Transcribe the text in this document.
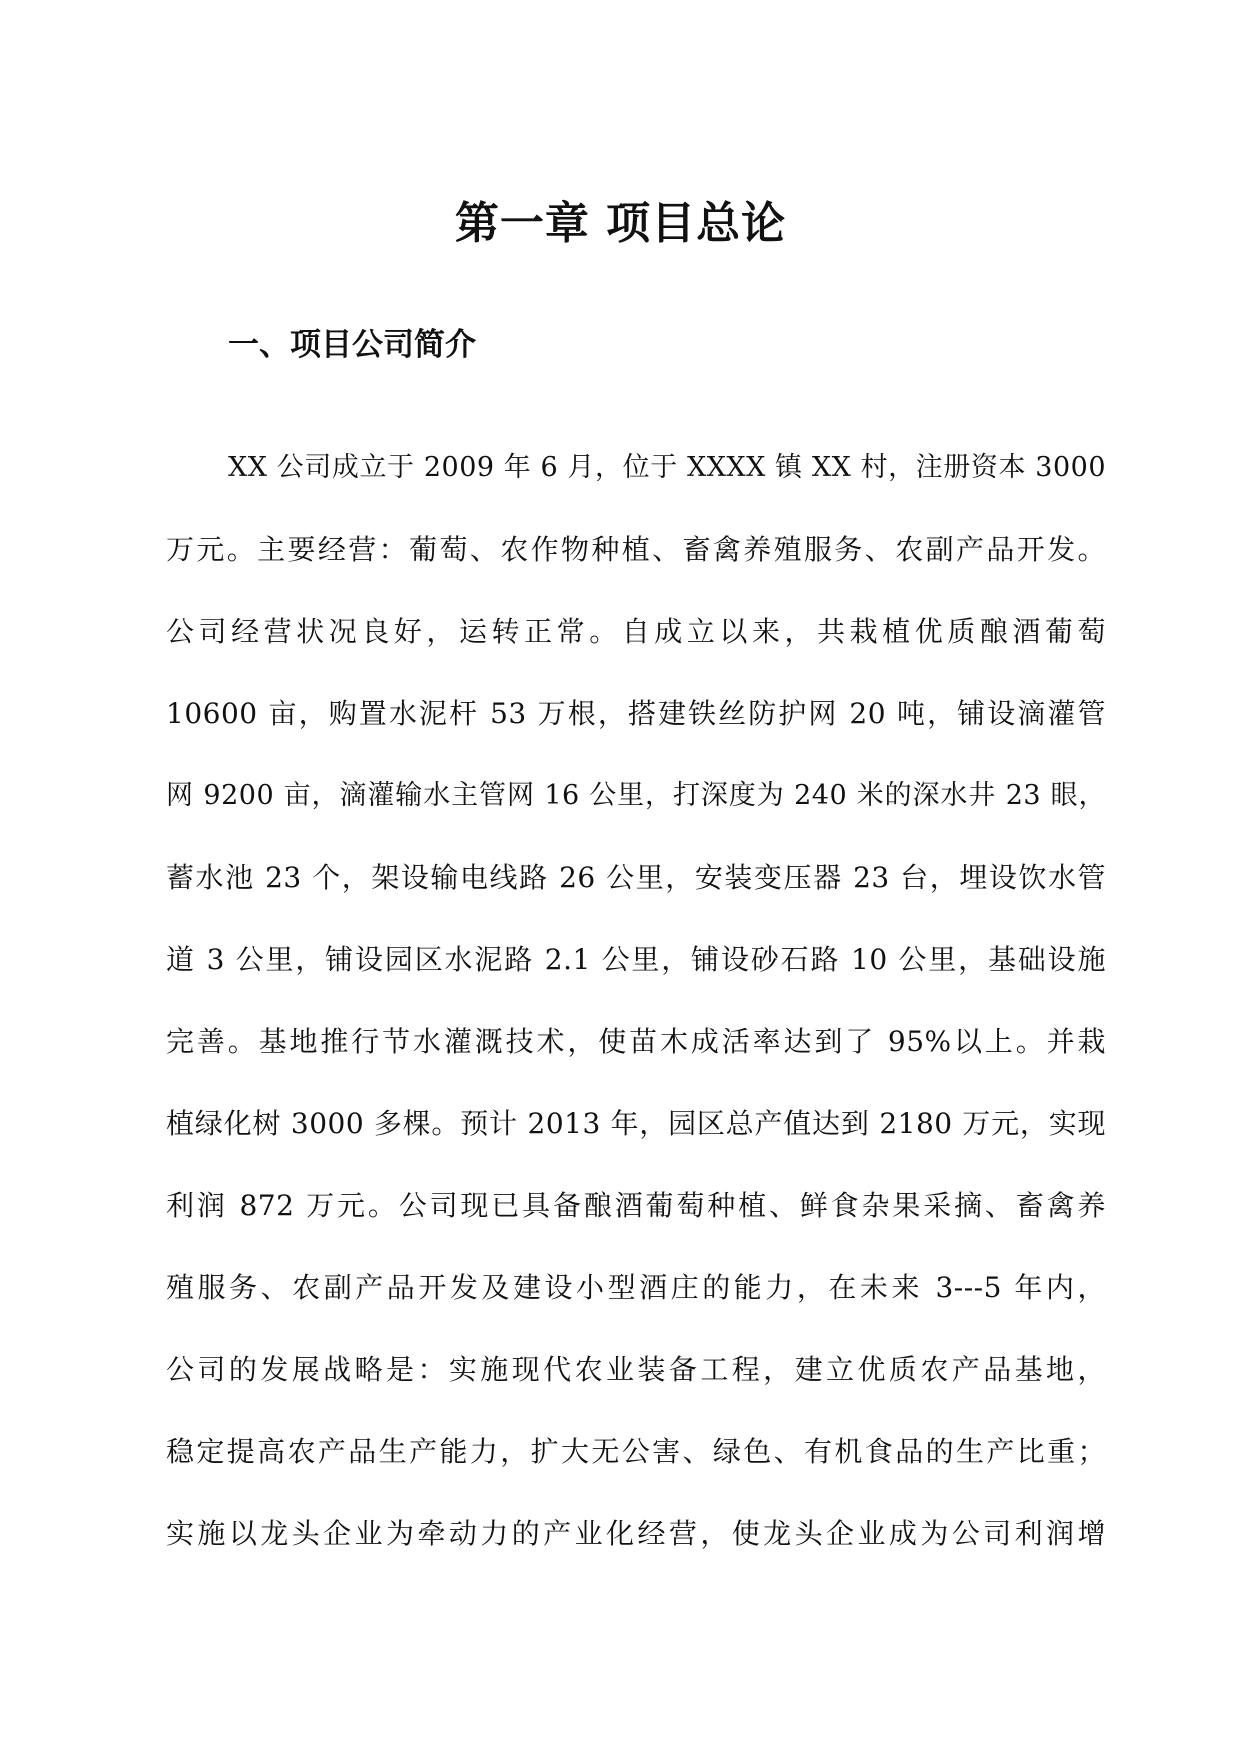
第一章 项目总论
一、项目公司简介
XX 公司成立于 2009 年 6 月，位于 XXXX 镇 XX 村，注册资本 3000
万元。主要经营：葡萄、农作物种植、畜禽养殖服务、农副产品开发。
公司经营状况良好，运转正常。自成立以来，共栽植优质酿酒葡萄
10600 亩，购置水泥杆 53 万根，搭建铁丝防护网 20 吨，铺设滴灌管
网 9200 亩，滴灌输水主管网 16 公里，打深度为 240 米的深水井 23 眼，
蓄水池 23 个，架设输电线路 26 公里，安装变压器 23 台，埋设饮水管
道 3 公里，铺设园区水泥路 2.1 公里，铺设砂石路 10 公里，基础设施
完善。基地推行节水灌溉技术，使苗木成活率达到了 95%以上。并栽
植绿化树 3000 多棵。预计 2013 年，园区总产值达到 2180 万元，实现
利润 872 万元。公司现已具备酿酒葡萄种植、鲜食杂果采摘、畜禽养
殖服务、农副产品开发及建设小型酒庄的能力，在未来 3---5 年内，
公司的发展战略是：实施现代农业装备工程，建立优质农产品基地，
稳定提高农产品生产能力，扩大无公害、绿色、有机食品的生产比重；
实施以龙头企业为牵动力的产业化经营，使龙头企业成为公司利润增
